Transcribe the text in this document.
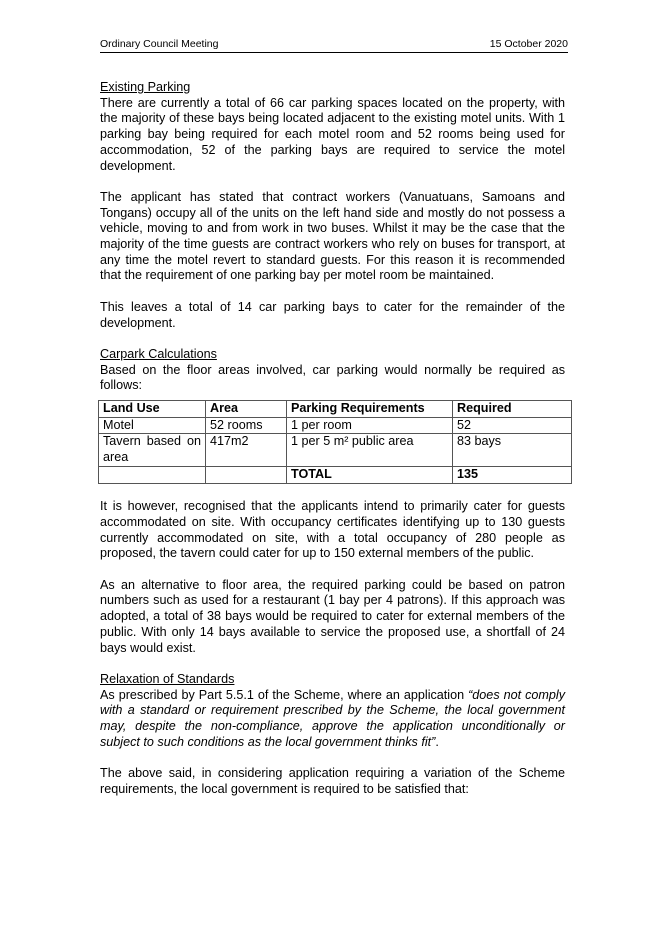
Ordinary Council Meeting	15 October 2020

Existing Parking

There are currently a total of 66 car parking spaces located on the property, with the majority of these bays being located adjacent to the existing motel units. With 1 parking bay being required for each motel room and 52 rooms being used for accommodation, 52 of the parking bays are required to service the motel development.

The applicant has stated that contract workers (Vanuatuans, Samoans and Tongans) occupy all of the units on the left hand side and mostly do not possess a vehicle, moving to and from work in two buses. Whilst it may be the case that the majority of the time guests are contract workers who rely on buses for transport, at any time the motel revert to standard guests. For this reason it is recommended that the requirement of one parking bay per motel room be maintained.

This leaves a total of 14 car parking bays to cater for the remainder of the development.

Carpark Calculations

Based on the floor areas involved, car parking would normally be required as follows:

Land Use	Area	Parking Requirements	Required
Motel	52 rooms	1 per room	52
Tavern based on area	417m2	1 per 5 m² public area	83 bays
		TOTAL	135

It is however, recognised that the applicants intend to primarily cater for guests accommodated on site. With occupancy certificates identifying up to 130 guests currently accommodated on site, with a total occupancy of 280 people as proposed, the tavern could cater for up to 150 external members of the public.

As an alternative to floor area, the required parking could be based on patron numbers such as used for a restaurant (1 bay per 4 patrons). If this approach was adopted, a total of 38 bays would be required to cater for external members of the public. With only 14 bays available to service the proposed use, a shortfall of 24 bays would exist.

Relaxation of Standards

As prescribed by Part 5.5.1 of the Scheme, where an application “does not comply with a standard or requirement prescribed by the Scheme, the local government may, despite the non-compliance, approve the application unconditionally or subject to such conditions as the local government thinks fit”.

The above said, in considering application requiring a variation of the Scheme requirements, the local government is required to be satisfied that:
